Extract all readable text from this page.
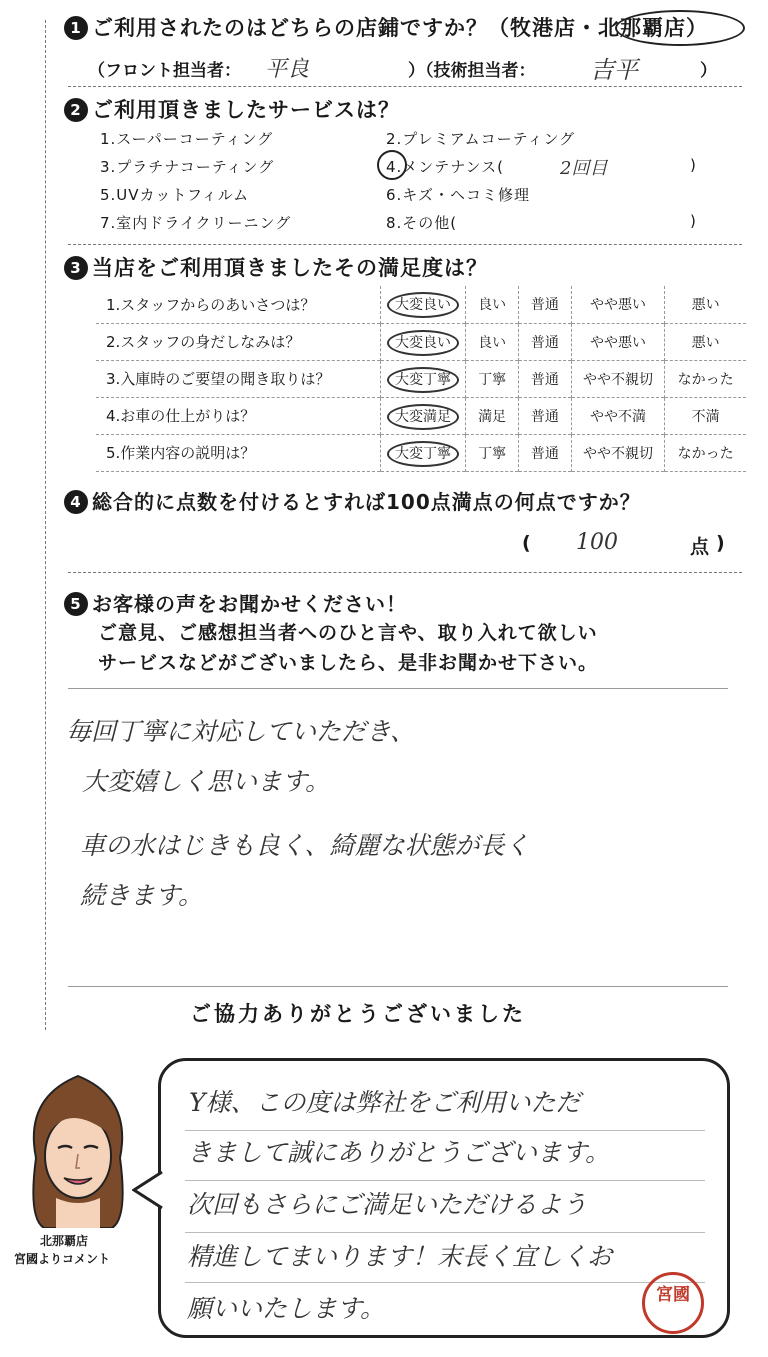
1 ご利用されたのはどちらの店鋪ですか？（牧港店・北那覇店）
（フロント担当者： 平良	）（技術担当者： 吉平	）
2 ご利用頂きましたサービスは？
1.スーパーコーティング	2.プレミアムコーティング
3.プラチナコーティング	4.メンテナンス(	2回目	)
5.UVカットフィルム	6.キズ・ヘコミ修理
7.室内ドライクリーニング	8.その他(	)
3 当店をご利用頂きましたその満足度は？
1.スタッフからのあいさつは？	大変良い	良い	普通	やや悪い	悪い
2.スタッフの身だしなみは？	大変良い	良い	普通	やや悪い	悪い
3.入庫時のご要望の聞き取りは？	大変丁寧	丁寧	普通	やや不親切	なかった
4.お車の仕上がりは？	大変満足	満足	普通	やや不満	不満
5.作業内容の説明は？	大変丁寧	丁寧	普通	やや不親切	なかった
4 総合的に点数を付けるとすれば100点満点の何点ですか？
( 100	点 )
5 お客様の声をお聞かせください！
ご意見、ご感想担当者へのひと言や、取り入れて欲しい
サービスなどがございましたら、是非お聞かせ下さい。
毎回丁寧に対応していただき、
大変嬉しく思います。
車の水はじきも良く、綺麗な状態が長く
続きます。
ご協力ありがとうございました
北那覇店
宮國よりコメント
Y様、この度は弊社をご利用いただ
きまして誠にありがとうございます。
次回もさらにご満足いただけるよう
精進してまいります！末長く宜しくお
願いいたします。	宮國
